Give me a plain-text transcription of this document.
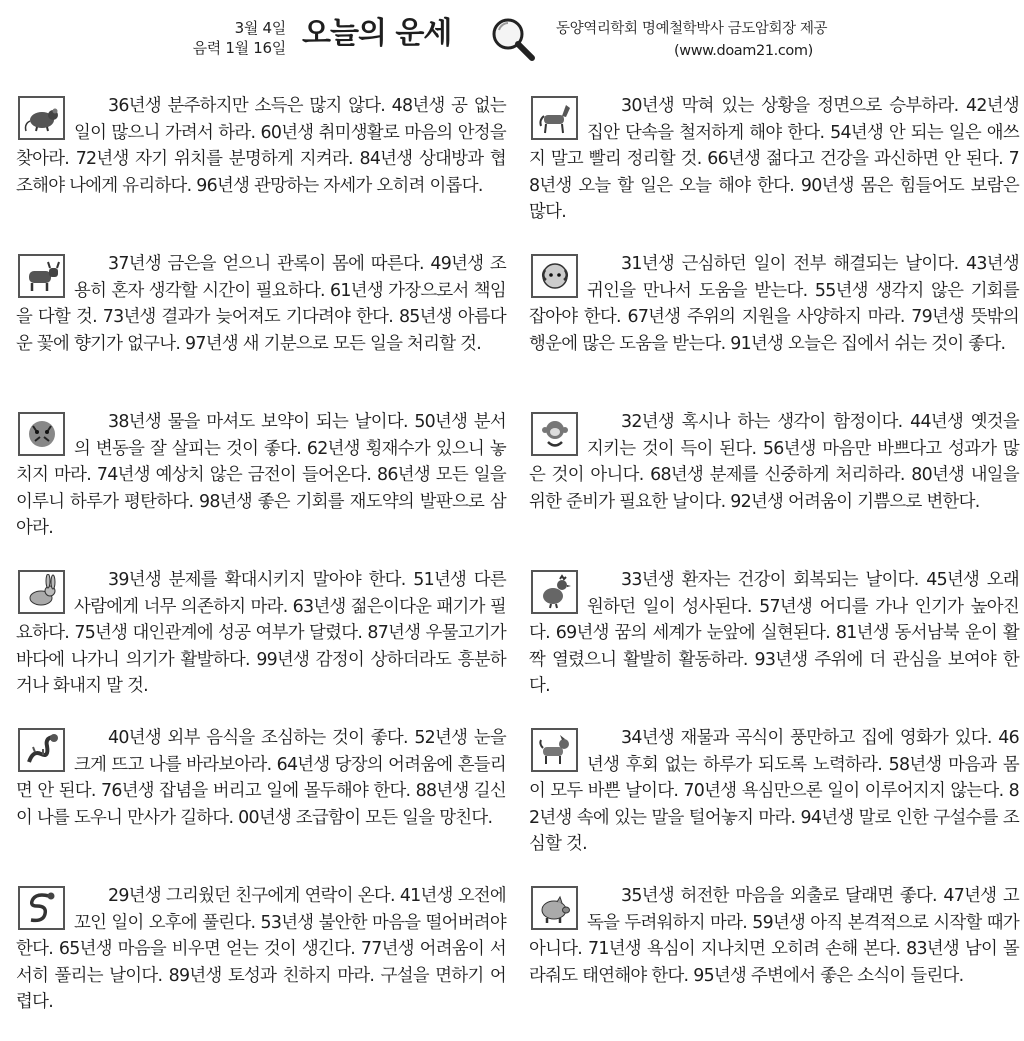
3월 4일
음력 1월 16일 오늘의 운세	동양역리학회 명예철학박사 금도암회장 제공
(www.doam21.com)

36년생 분주하지만 소득은 많지 않다. 48년생 공 없는 일이 많으니 가려서 하라. 60년생 취미생활로 마음의 안정을 찾아라. 72년생 자기 위치를 분명하게 지켜라. 84년생 상대방과 협조해야 나에게 유리하다. 96년생 관망하는 자세가 오히려 이롭다.

37년생 금은을 얻으니 관록이 몸에 따른다. 49년생 조용히 혼자 생각할 시간이 필요하다. 61년생 가장으로서 책임을 다할 것. 73년생 결과가 늦어져도 기다려야 한다. 85년생 아름다운 꽃에 향기가 없구나. 97년생 새 기분으로 모든 일을 처리할 것.

38년생 물을 마셔도 보약이 되는 날이다. 50년생 분서의 변동을 잘 살피는 것이 좋다. 62년생 횡재수가 있으니 놓치지 마라. 74년생 예상치 않은 금전이 들어온다. 86년생 모든 일을 이루니 하루가 평탄하다. 98년생 좋은 기회를 재도약의 발판으로 삼아라.

39년생 분제를 확대시키지 말아야 한다. 51년생 다른 사람에게 너무 의존하지 마라. 63년생 젊은이다운 패기가 필요하다. 75년생 대인관계에 성공 여부가 달렸다. 87년생 우물고기가 바다에 나가니 의기가 활발하다. 99년생 감정이 상하더라도 흥분하거나 화내지 말 것.

40년생 외부 음식을 조심하는 것이 좋다. 52년생 눈을 크게 뜨고 나를 바라보아라. 64년생 당장의 어려움에 흔들리면 안 된다. 76년생 잡념을 버리고 일에 몰두해야 한다. 88년생 길신이 나를 도우니 만사가 길하다. 00년생 조급함이 모든 일을 망친다.

29년생 그리웠던 친구에게 연락이 온다. 41년생 오전에 꼬인 일이 오후에 풀린다. 53년생 불안한 마음을 떨어버려야 한다. 65년생 마음을 비우면 얻는 것이 생긴다. 77년생 어려움이 서서히 풀리는 날이다. 89년생 토성과 친하지 마라. 구설을 면하기 어렵다.

30년생 막혀 있는 상황을 정면으로 승부하라. 42년생 집안 단속을 철저하게 해야 한다. 54년생 안 되는 일은 애쓰지 말고 빨리 정리할 것. 66년생 젊다고 건강을 과신하면 안 된다. 78년생 오늘 할 일은 오늘 해야 한다. 90년생 몸은 힘들어도 보람은 많다.

31년생 근심하던 일이 전부 해결되는 날이다. 43년생 귀인을 만나서 도움을 받는다. 55년생 생각지 않은 기회를 잡아야 한다. 67년생 주위의 지원을 사양하지 마라. 79년생 뜻밖의 행운에 많은 도움을 받는다. 91년생 오늘은 집에서 쉬는 것이 좋다.

32년생 혹시나 하는 생각이 함정이다. 44년생 옛것을 지키는 것이 득이 된다. 56년생 마음만 바쁘다고 성과가 많은 것이 아니다. 68년생 분제를 신중하게 처리하라. 80년생 내일을 위한 준비가 필요한 날이다. 92년생 어려움이 기쁨으로 변한다.

33년생 환자는 건강이 회복되는 날이다. 45년생 오래 원하던 일이 성사된다. 57년생 어디를 가나 인기가 높아진다. 69년생 꿈의 세계가 눈앞에 실현된다. 81년생 동서남북 운이 활짝 열렸으니 활발히 활동하라. 93년생 주위에 더 관심을 보여야 한다.

34년생 재물과 곡식이 풍만하고 집에 영화가 있다. 46년생 후회 없는 하루가 되도록 노력하라. 58년생 마음과 몸이 모두 바쁜 날이다. 70년생 욕심만으론 일이 이루어지지 않는다. 82년생 속에 있는 말을 털어놓지 마라. 94년생 말로 인한 구설수를 조심할 것.

35년생 허전한 마음을 외출로 달래면 좋다. 47년생 고독을 두려워하지 마라. 59년생 아직 본격적으로 시작할 때가 아니다. 71년생 욕심이 지나치면 오히려 손해 본다. 83년생 남이 몰라줘도 태연해야 한다. 95년생 주변에서 좋은 소식이 들린다.
